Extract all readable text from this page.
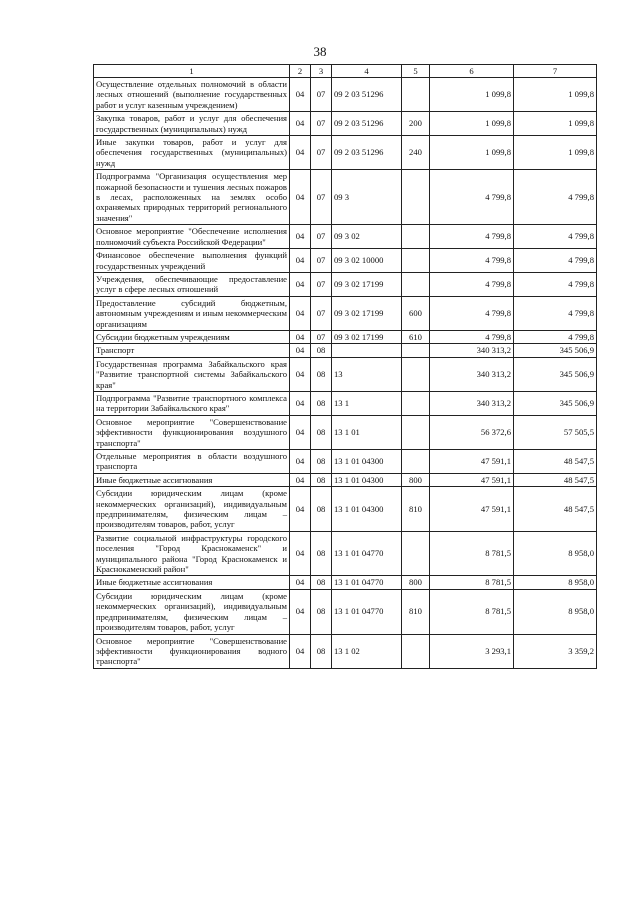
38
1	2	3	4	5	6	7
Осуществление отдельных полномочий в области лесных отношений (выполнение государственных работ и услуг казенным учреждением)	04	07	09 2 03 51296		1 099,8	1 099,8
Закупка товаров, работ и услуг для обеспечения государственных (муниципальных) нужд	04	07	09 2 03 51296	200	1 099,8	1 099,8
Иные закупки товаров, работ и услуг для обеспечения государственных (муниципальных) нужд	04	07	09 2 03 51296	240	1 099,8	1 099,8
Подпрограмма "Организация осуществления мер пожарной безопасности и тушения лесных пожаров в лесах, расположенных на землях особо охраняемых природных территорий регионального значения"	04	07	09 3		4 799,8	4 799,8
Основное мероприятие "Обеспечение исполнения полномочий субъекта Российской Федерации"	04	07	09 3 02		4 799,8	4 799,8
Финансовое обеспечение выполнения функций государственных учреждений	04	07	09 3 02 10000		4 799,8	4 799,8
Учреждения, обеспечивающие предоставление услуг в сфере лесных отношений	04	07	09 3 02 17199		4 799,8	4 799,8
Предоставление субсидий бюджетным, автономным учреждениям и иным некоммерческим организациям	04	07	09 3 02 17199	600	4 799,8	4 799,8
Субсидии бюджетным учреждениям	04	07	09 3 02 17199	610	4 799,8	4 799,8
Транспорт	04	08			340 313,2	345 506,9
Государственная программа Забайкальского края "Развитие транспортной системы Забайкальского края"	04	08	13		340 313,2	345 506,9
Подпрограмма "Развитие транспортного комплекса на территории Забайкальского края"	04	08	13 1		340 313,2	345 506,9
Основное мероприятие "Совершенствование эффективности функционирования воздушного транспорта"	04	08	13 1 01		56 372,6	57 505,5
Отдельные мероприятия в области воздушного транспорта	04	08	13 1 01 04300		47 591,1	48 547,5
Иные бюджетные ассигнования	04	08	13 1 01 04300	800	47 591,1	48 547,5
Субсидии юридическим лицам (кроме некоммерческих организаций), индивидуальным предпринимателям, физическим лицам – производителям товаров, работ, услуг	04	08	13 1 01 04300	810	47 591,1	48 547,5
Развитие социальной инфраструктуры городского поселения "Город Краснокаменск" и муниципального района "Город Краснокаменск и Краснокаменский район"	04	08	13 1 01 04770		8 781,5	8 958,0
Иные бюджетные ассигнования	04	08	13 1 01 04770	800	8 781,5	8 958,0
Субсидии юридическим лицам (кроме некоммерческих организаций), индивидуальным предпринимателям, физическим лицам – производителям товаров, работ, услуг	04	08	13 1 01 04770	810	8 781,5	8 958,0
Основное мероприятие "Совершенствование эффективности функционирования водного транспорта"	04	08	13 1 02		3 293,1	3 359,2
